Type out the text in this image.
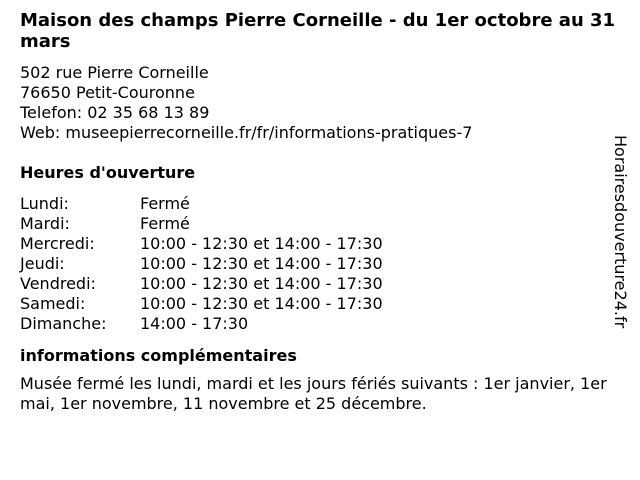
Maison des champs Pierre Corneille - du 1er octobre au 31 mars
502 rue Pierre Corneille
76650 Petit-Couronne
Telefon: 02 35 68 13 89
Web: museepierrecorneille.fr/fr/informations-pratiques-7
Heures d'ouverture
Lundi:	Fermé
Mardi:	Fermé
Mercredi:	10:00 - 12:30 et 14:00 - 17:30
Jeudi:	10:00 - 12:30 et 14:00 - 17:30
Vendredi:	10:00 - 12:30 et 14:00 - 17:30
Samedi:	10:00 - 12:30 et 14:00 - 17:30
Dimanche:	14:00 - 17:30
informations complémentaires
Musée fermé les lundi, mardi et les jours fériés suivants : 1er janvier, 1er mai, 1er novembre, 11 novembre et 25 décembre.
Horairesdouverture24.fr
